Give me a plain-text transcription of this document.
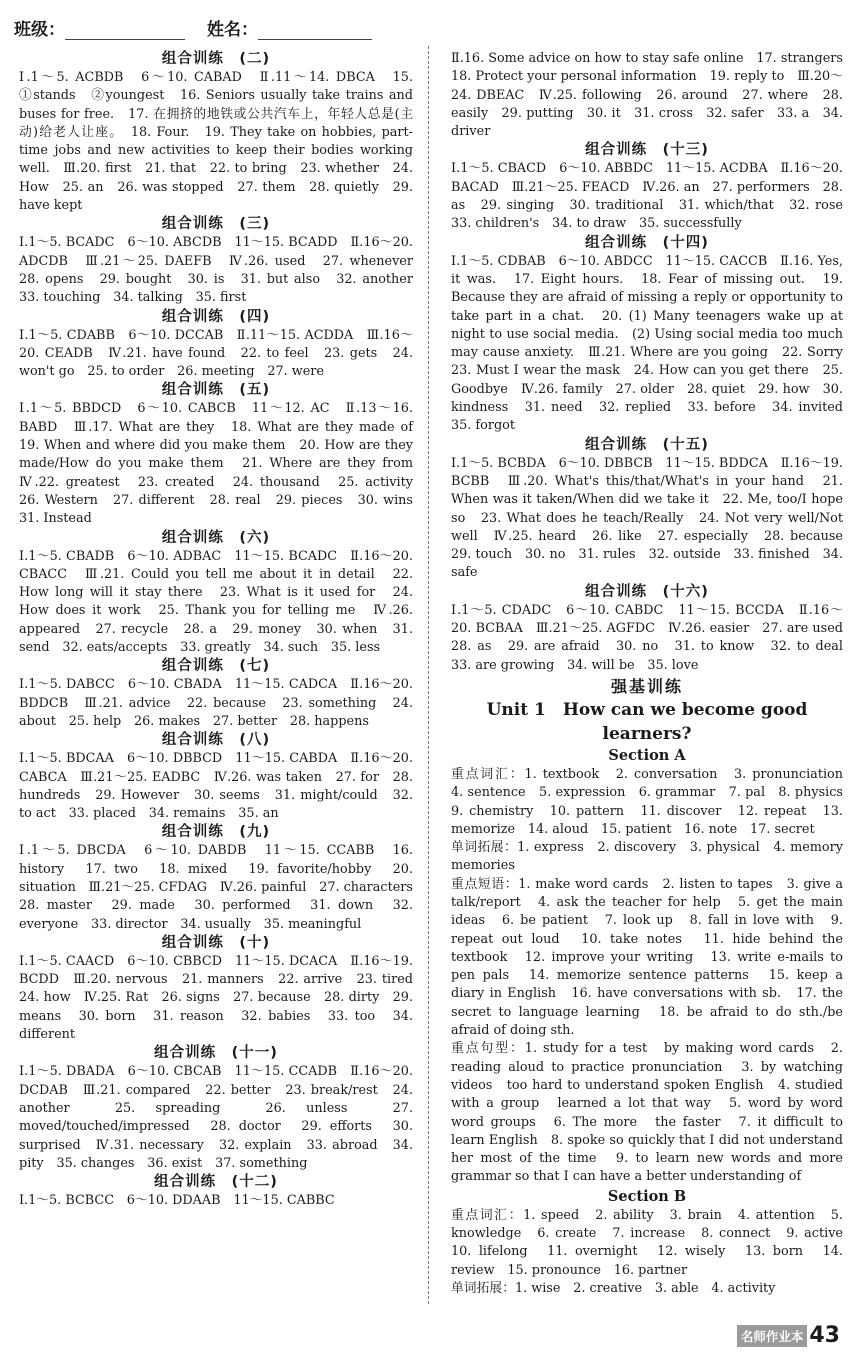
班级：	姓名：
组合训练　(二)
Ⅰ.1～5. ACBDB　6～10. CABAD　Ⅱ.11～14. DBCA　15. ①stands　②youngest　16. Seniors usually take trains and buses for free.　17. 在拥挤的地铁或公共汽车上，年轻人总是(主动)给老人让座。　18. Four.　19. They take on hobbies, part-time jobs and new activities to keep their bodies working well.　Ⅲ.20. first　21. that　22. to bring　23. whether　24. How　25. an　26. was stopped　27. them　28. quietly　29. have kept
组合训练　(三)
Ⅰ.1～5. BCADC　6～10. ABCDB　11～15. BCADD　Ⅱ.16～20. ADCDB　Ⅲ.21～25. DAEFB　Ⅳ.26. used　27. whenever　28. opens　29. bought　30. is　31. but also　32. another　33. touching　34. talking　35. first
组合训练　(四)
Ⅰ.1～5. CDABB　6～10. DCCAB　Ⅱ.11～15. ACDDA　Ⅲ.16～20. CEADB　Ⅳ.21. have found　22. to feel　23. gets　24. won't go　25. to order　26. meeting　27. were
组合训练　(五)
Ⅰ.1～5. BBDCD　6～10. CABCB　11～12. AC　Ⅱ.13～16. BABD　Ⅲ.17. What are they　18. What are they made of　19. When and where did you make them　20. How are they made/How do you make them　21. Where are they from　Ⅳ.22. greatest　23. created　24. thousand　25. activity　26. Western　27. different　28. real　29. pieces　30. wins　31. Instead
组合训练　(六)
Ⅰ.1～5. CBADB　6～10. ADBAC　11～15. BCADC　Ⅱ.16～20. CBACC　Ⅲ.21. Could you tell me about it in detail　22. How long will it stay there　23. What is it used for　24. How does it work　25. Thank you for telling me　Ⅳ.26. appeared　27. recycle　28. a　29. money　30. when　31. send　32. eats/accepts　33. greatly　34. such　35. less
组合训练　(七)
Ⅰ.1～5. DABCC　6～10. CBADA　11～15. CADCA　Ⅱ.16～20. BDDCB　Ⅲ.21. advice　22. because　23. something　24. about　25. help　26. makes　27. better　28. happens
组合训练　(八)
Ⅰ.1～5. BDCAA　6～10. DBBCD　11～15. CABDA　Ⅱ.16～20. CABCA　Ⅲ.21～25. EADBC　Ⅳ.26. was taken　27. for　28. hundreds　29. However　30. seems　31. might/could　32. to act　33. placed　34. remains　35. an
组合训练　(九)
Ⅰ.1～5. DBCDA　6～10. DABDB　11～15. CCABB　16. history　17. two　18. mixed　19. favorite/hobby　20. situation　Ⅲ.21～25. CFDAG　Ⅳ.26. painful　27. characters　28. master　29. made　30. performed　31. down　32. everyone　33. director　34. usually　35. meaningful
组合训练　(十)
Ⅰ.1～5. CAACD　6～10. CBBCD　11～15. DCACA　Ⅱ.16～19. BCDD　Ⅲ.20. nervous　21. manners　22. arrive　23. tired　24. how　Ⅳ.25. Rat　26. signs　27. because　28. dirty　29. means　30. born　31. reason　32. babies　33. too　34. different
组合训练　(十一)
Ⅰ.1～5. DBADA　6～10. CBCAB　11～15. CCADB　Ⅱ.16～20. DCDAB　Ⅲ.21. compared　22. better　23. break/rest　24. another　25. spreading　26. unless　27. moved/touched/impressed　28. doctor　29. efforts　30. surprised　Ⅳ.31. necessary　32. explain　33. abroad　34. pity　35. changes　36. exist　37. something
组合训练　(十二)
Ⅰ.1～5. BCBCC　6～10. DDAAB　11～15. CABBC
Ⅱ.16. Some advice on how to stay safe online　17. strangers　18. Protect your personal information　19. reply to　Ⅲ.20～24. DBEAC　Ⅳ.25. following　26. around　27. where　28. easily　29. putting　30. it　31. cross　32. safer　33. a　34. driver
组合训练　(十三)
Ⅰ.1～5. CBACD　6～10. ABBDC　11～15. ACDBA　Ⅱ.16～20. BACAD　Ⅲ.21～25. FEACD　Ⅳ.26. an　27. performers　28. as　29. singing　30. traditional　31. which/that　32. rose　33. children's　34. to draw　35. successfully
组合训练　(十四)
Ⅰ.1～5. CDBAB　6～10. ABDCC　11～15. CACCB　Ⅱ.16. Yes, it was.　17. Eight hours.　18. Fear of missing out.　19. Because they are afraid of missing a reply or opportunity to take part in a chat.　20. (1) Many teenagers wake up at night to use social media.　(2) Using social media too much may cause anxiety.　Ⅲ.21. Where are you going　22. Sorry　23. Must I wear the mask　24. How can you get there　25. Goodbye　Ⅳ.26. family　27. older　28. quiet　29. how　30. kindness　31. need　32. replied　33. before　34. invited　35. forgot
组合训练　(十五)
Ⅰ.1～5. BCBDA　6～10. DBBCB　11～15. BDDCA　Ⅱ.16～19. BCBB　Ⅲ.20. What's this/that/What's in your hand　21. When was it taken/When did we take it　22. Me, too/I hope so　23. What does he teach/Really　24. Not very well/Not well　Ⅳ.25. heard　26. like　27. especially　28. because　29. touch　30. no　31. rules　32. outside　33. finished　34. safe
组合训练　(十六)
Ⅰ.1～5. CDADC　6～10. CABDC　11～15. BCCDA　Ⅱ.16～20. BCBAA　Ⅲ.21～25. AGFDC　Ⅳ.26. easier　27. are used　28. as　29. are afraid　30. no　31. to know　32. to deal　33. are growing　34. will be　35. love
强基训练
Unit 1　How can we become good learners?
Section A
重点词汇：1. textbook　2. conversation　3. pronunciation　4. sentence　5. expression　6. grammar　7. pal　8. physics　9. chemistry　10. pattern　11. discover　12. repeat　13. memorize　14. aloud　15. patient　16. note　17. secret
单词拓展：1. express　2. discovery　3. physical　4. memory　memories
重点短语：1. make word cards　2. listen to tapes　3. give a talk/report　4. ask the teacher for help　5. get the main ideas　6. be patient　7. look up　8. fall in love with　9. repeat out loud　10. take notes　11. hide behind the textbook　12. improve your writing　13. write e-mails to pen pals　14. memorize sentence patterns　15. keep a diary in English　16. have conversations with sb.　17. the secret to language learning　18. be afraid to do sth./be afraid of doing sth.
重点句型：1. study for a test　by making word cards　2. reading aloud to practice pronunciation　3. by watching videos　too hard to understand spoken English　4. studied with a group　learned a lot that way　5. word by word　word groups　6. The more　the faster　7. it difficult to learn English　8. spoke so quickly that I did not understand her most of the time　9. to learn new words and more grammar so that I can have a better understanding of
Section B
重点词汇：1. speed　2. ability　3. brain　4. attention　5. knowledge　6. create　7. increase　8. connect　9. active　10. lifelong　11. overnight　12. wisely　13. born　14. review　15. pronounce　16. partner
单词拓展：1. wise　2. creative　3. able　4. activity
名师作业本 43
